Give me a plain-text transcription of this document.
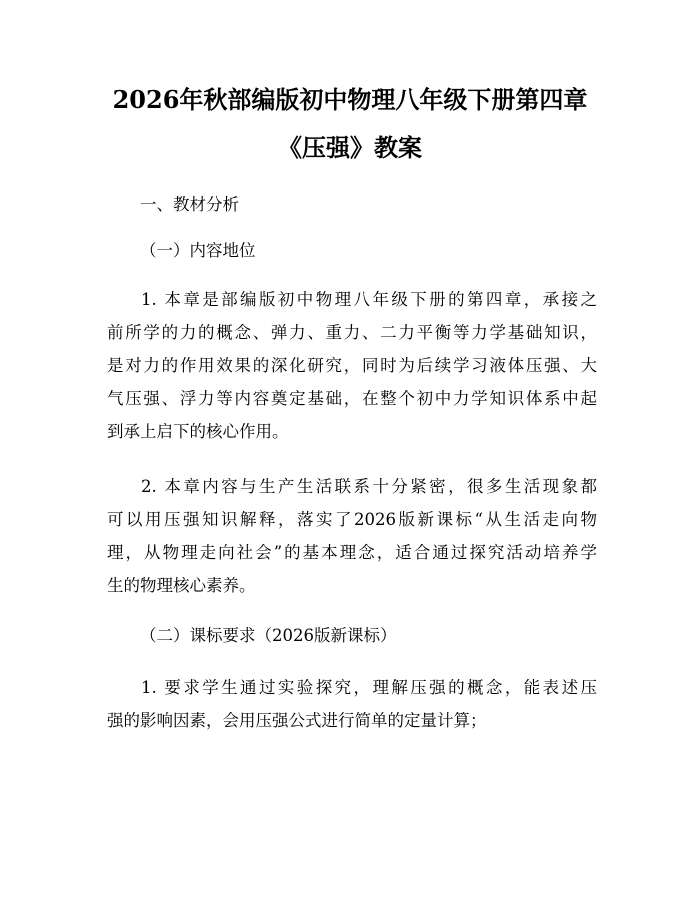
2026年秋部编版初中物理八年级下册第四章
《压强》教案
一、教材分析
（一）内容地位
1. 本章是部编版初中物理八年级下册的第四章，承接之
前所学的力的概念、弹力、重力、二力平衡等力学基础知识，
是对力的作用效果的深化研究，同时为后续学习液体压强、大
气压强、浮力等内容奠定基础，在整个初中力学知识体系中起
到承上启下的核心作用。
2. 本章内容与生产生活联系十分紧密，很多生活现象都
可以用压强知识解释，落实了2026版新课标“从生活走向物
理，从物理走向社会”的基本理念，适合通过探究活动培养学
生的物理核心素养。
（二）课标要求（2026版新课标）
1. 要求学生通过实验探究，理解压强的概念，能表述压
强的影响因素，会用压强公式进行简单的定量计算；
